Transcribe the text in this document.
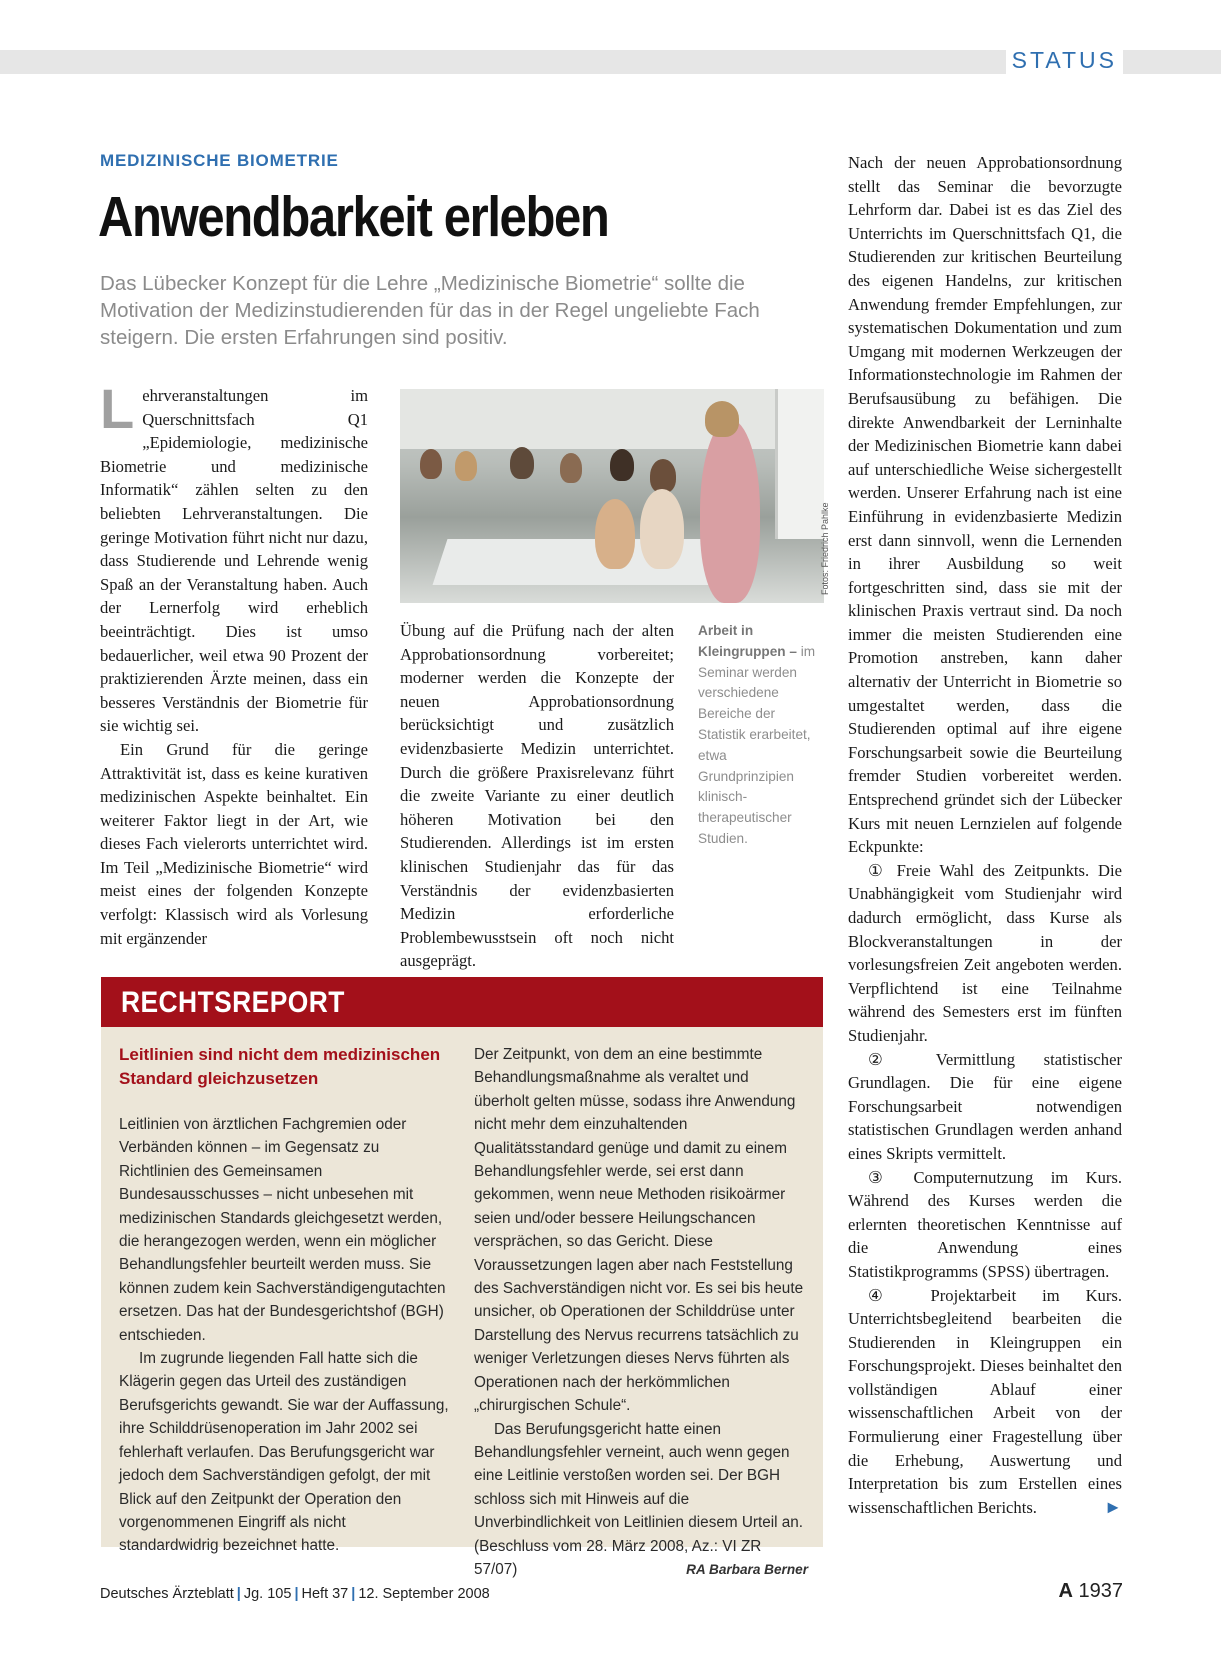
STATUS
MEDIZINISCHE BIOMETRIE
Anwendbarkeit erleben
Das Lübecker Konzept für die Lehre „Medizinische Biometrie“ sollte die Motivation der Medizinstudierenden für das in der Regel ungeliebte Fach steigern. Die ersten Erfahrungen sind positiv.

Lehrveranstaltungen im Querschnittsfach Q1 „Epidemiologie, medizinische Biometrie und medizinische Informatik“ zählen selten zu den beliebten Lehrveranstaltungen. Die geringe Motivation führt nicht nur dazu, dass Studierende und Lehrende wenig Spaß an der Veranstaltung haben. Auch der Lernerfolg wird erheblich beeinträchtigt. Dies ist umso bedauerlicher, weil etwa 90 Prozent der praktizierenden Ärzte meinen, dass ein besseres Verständnis der Biometrie für sie wichtig sei.

Ein Grund für die geringe Attraktivität ist, dass es keine kurativen medizinischen Aspekte beinhaltet. Ein weiterer Faktor liegt in der Art, wie dieses Fach vielerorts unterrichtet wird. Im Teil „Medizinische Biometrie“ wird meist eines der folgenden Konzepte verfolgt: Klassisch wird als Vorlesung mit ergänzender

Fotos: Friedrich Pahlke

Übung auf die Prüfung nach der alten Approbationsordnung vorbereitet; moderner werden die Konzepte der neuen Approbationsordnung berücksichtigt und zusätzlich evidenzbasierte Medizin unterrichtet. Durch die größere Praxisrelevanz führt die zweite Variante zu einer deutlich höheren Motivation bei den Studierenden. Allerdings ist im ersten klinischen Studienjahr das für das Verständnis der evidenzbasierten Medizin erforderliche Problembewusstsein oft noch nicht ausgeprägt.

Arbeit in Kleingruppen – im Seminar werden verschiedene Bereiche der Statistik erarbeitet, etwa Grundprinzipien klinisch-therapeutischer Studien.

Nach der neuen Approbationsordnung stellt das Seminar die bevorzugte Lehrform dar. Dabei ist es das Ziel des Unterrichts im Querschnittsfach Q1, die Studierenden zur kritischen Beurteilung des eigenen Handelns, zur kritischen Anwendung fremder Empfehlungen, zur systematischen Dokumentation und zum Umgang mit modernen Werkzeugen der Informationstechnologie im Rahmen der Berufsausübung zu befähigen. Die direkte Anwendbarkeit der Lerninhalte der Medizinischen Biometrie kann dabei auf unterschiedliche Weise sichergestellt werden. Unserer Erfahrung nach ist eine Einführung in evidenzbasierte Medizin erst dann sinnvoll, wenn die Lernenden in ihrer Ausbildung so weit fortgeschritten sind, dass sie mit der klinischen Praxis vertraut sind. Da noch immer die meisten Studierenden eine Promotion anstreben, kann daher alternativ der Unterricht in Biometrie so umgestaltet werden, dass die Studierenden optimal auf ihre eigene Forschungsarbeit sowie die Beurteilung fremder Studien vorbereitet werden. Entsprechend gründet sich der Lübecker Kurs mit neuen Lernzielen auf folgende Eckpunkte:

① Freie Wahl des Zeitpunkts. Die Unabhängigkeit vom Studienjahr wird dadurch ermöglicht, dass Kurse als Blockveranstaltungen in der vorlesungsfreien Zeit angeboten werden. Verpflichtend ist eine Teilnahme während des Semesters erst im fünften Studienjahr.

② Vermittlung statistischer Grundlagen. Die für eine eigene Forschungsarbeit notwendigen statistischen Grundlagen werden anhand eines Skripts vermittelt.

③ Computernutzung im Kurs. Während des Kurses werden die erlernten theoretischen Kenntnisse auf die Anwendung eines Statistikprogramms (SPSS) übertragen.

④ Projektarbeit im Kurs. Unterrichtsbegleitend bearbeiten die Studierenden in Kleingruppen ein Forschungsprojekt. Dieses beinhaltet den vollständigen Ablauf einer wissenschaftlichen Arbeit von der Formulierung einer Fragestellung über die Erhebung, Auswertung und Interpretation bis zum Erstellen eines wissenschaftlichen Berichts.	►

RECHTSREPORT
Leitlinien sind nicht dem medizinischen Standard gleichzusetzen

Leitlinien von ärztlichen Fachgremien oder Verbänden können – im Gegensatz zu Richtlinien des Gemeinsamen Bundesausschusses – nicht unbesehen mit medizinischen Standards gleichgesetzt werden, die herangezogen werden, wenn ein möglicher Behandlungsfehler beurteilt werden muss. Sie können zudem kein Sachverständigengutachten ersetzen. Das hat der Bundesgerichtshof (BGH) entschieden.

Im zugrunde liegenden Fall hatte sich die Klägerin gegen das Urteil des zuständigen Berufsgerichts gewandt. Sie war der Auffassung, ihre Schilddrüsenoperation im Jahr 2002 sei fehlerhaft verlaufen. Das Berufungsgericht war jedoch dem Sachverständigen gefolgt, der mit Blick auf den Zeitpunkt der Operation den vorgenommenen Eingriff als nicht standardwidrig bezeichnet hatte.

Der Zeitpunkt, von dem an eine bestimmte Behandlungsmaßnahme als veraltet und überholt gelten müsse, sodass ihre Anwendung nicht mehr dem einzuhaltenden Qualitätsstandard genüge und damit zu einem Behandlungsfehler werde, sei erst dann gekommen, wenn neue Methoden risikoärmer seien und/oder bessere Heilungschancen versprächen, so das Gericht. Diese Voraussetzungen lagen aber nach Feststellung des Sachverständigen nicht vor. Es sei bis heute unsicher, ob Operationen der Schilddrüse unter Darstellung des Nervus recurrens tatsächlich zu weniger Verletzungen dieses Nervs führten als Operationen nach der herkömmlichen „chirurgischen Schule“.

Das Berufungsgericht hatte einen Behandlungsfehler verneint, auch wenn gegen eine Leitlinie verstoßen worden sei. Der BGH schloss sich mit Hinweis auf die Unverbindlichkeit von Leitlinien diesem Urteil an. (Beschluss vom 28. März 2008, Az.: VI ZR 57/07)	RA Barbara Berner

Deutsches Ärzteblatt | Jg. 105 | Heft 37 | 12. September 2008	A 1937
